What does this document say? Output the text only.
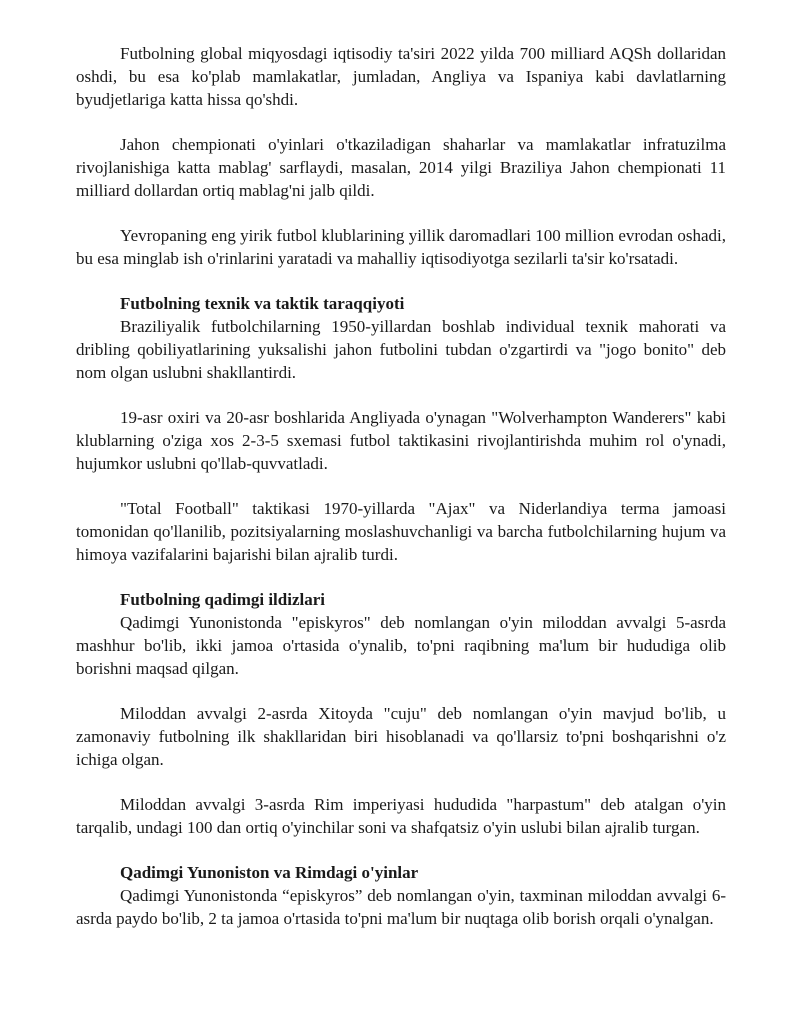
Futbolning global miqyosdagi iqtisodiy ta'siri 2022 yilda 700 milliard AQSh dollaridan oshdi, bu esa ko'plab mamlakatlar, jumladan, Angliya va Ispaniya kabi davlatlarning byudjetlariga katta hissa qo'shdi.

Jahon chempionati o'yinlari o'tkaziladigan shaharlar va mamlakatlar infratuzilma rivojlanishiga katta mablag' sarflaydi, masalan, 2014 yilgi Braziliya Jahon chempionati 11 milliard dollardan ortiq mablag'ni jalb qildi.

Yevropaning eng yirik futbol klublarining yillik daromadlari 100 million evrodan oshadi, bu esa minglab ish o'rinlarini yaratadi va mahalliy iqtisodiyotga sezilarli ta'sir ko'rsatadi.

Futbolning texnik va taktik taraqqiyoti

Braziliyalik futbolchilarning 1950-yillardan boshlab individual texnik mahorati va dribling qobiliyatlarining yuksalishi jahon futbolini tubdan o'zgartirdi va "jogo bonito" deb nom olgan uslubni shakllantirdi.

19-asr oxiri va 20-asr boshlarida Angliyada o'ynagan "Wolverhampton Wanderers" kabi klublarning o'ziga xos 2-3-5 sxemasi futbol taktikasini rivojlantirishda muhim rol o'ynadi, hujumkor uslubni qo'llab-quvvatladi.

"Total Football" taktikasi 1970-yillarda "Ajax" va Niderlandiya terma jamoasi tomonidan qo'llanilib, pozitsiyalarning moslashuvchanligi va barcha futbolchilarning hujum va himoya vazifalarini bajarishi bilan ajralib turdi.

Futbolning qadimgi ildizlari

Qadimgi Yunonistonda "episkyros" deb nomlangan o'yin miloddan avvalgi 5-asrda mashhur bo'lib, ikki jamoa o'rtasida o'ynalib, to'pni raqibning ma'lum bir hududiga olib borishni maqsad qilgan.

Miloddan avvalgi 2-asrda Xitoyda "cuju" deb nomlangan o'yin mavjud bo'lib, u zamonaviy futbolning ilk shakllaridan biri hisoblanadi va qo'llarsiz to'pni boshqarishni o'z ichiga olgan.

Miloddan avvalgi 3-asrda Rim imperiyasi hududida "harpastum" deb atalgan o'yin tarqalib, undagi 100 dan ortiq o'yinchilar soni va shafqatsiz o'yin uslubi bilan ajralib turgan.

Qadimgi Yunoniston va Rimdagi o'yinlar

Qadimgi Yunonistonda “episkyros” deb nomlangan o'yin, taxminan miloddan avvalgi 6-asrda paydo bo'lib, 2 ta jamoa o'rtasida to'pni ma'lum bir nuqtaga olib borish orqali o'ynalgan.
